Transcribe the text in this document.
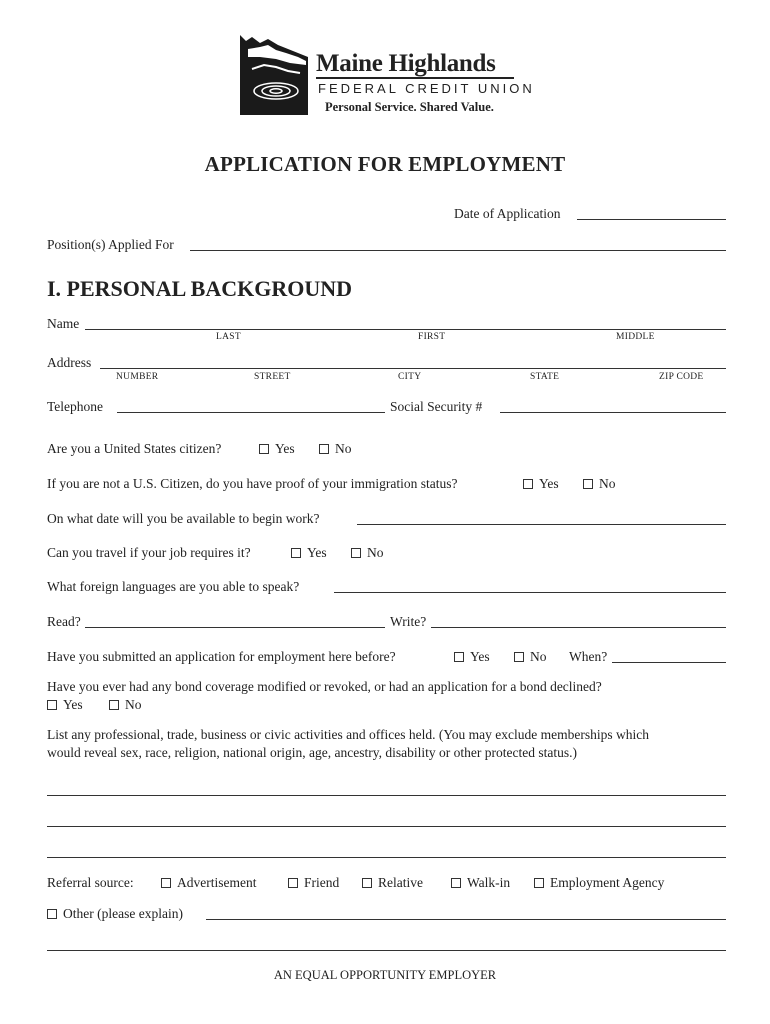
Maine Highlands
FEDERAL CREDIT UNION
Personal Service. Shared Value.
APPLICATION FOR EMPLOYMENT
Date of Application
Position(s) Applied For
I. PERSONAL BACKGROUND
Name
LAST	FIRST	MIDDLE
Address
NUMBER	STREET	CITY	STATE	ZIP CODE
Telephone	Social Security #
Are you a United States citizen?	Yes	No
If you are not a U.S. Citizen, do you have proof of your immigration status?	Yes	No
On what date will you be available to begin work?
Can you travel if your job requires it?	Yes	No
What foreign languages are you able to speak?
Read?	Write?
Have you submitted an application for employment here before?	Yes	No When?
Have you ever had any bond coverage modified or revoked, or had an application for a bond declined?
Yes	No
List any professional, trade, business or civic activities and offices held. (You may exclude memberships which
would reveal sex, race, religion, national origin, age, ancestry, disability or other protected status.)
Referral source:	Advertisement	Friend	Relative	Walk-in	Employment Agency
Other (please explain)
AN EQUAL OPPORTUNITY EMPLOYER
